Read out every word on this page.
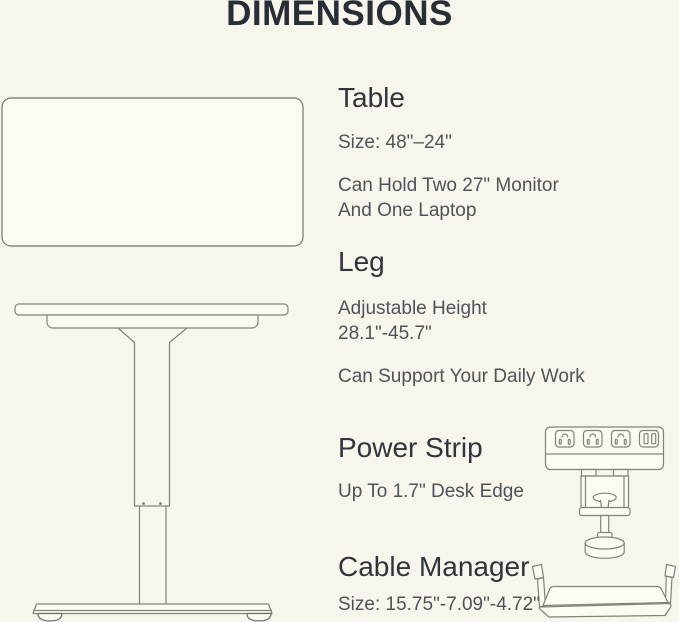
DIMENSIONS
Table
Size: 48"–24"
Can Hold Two 27" Monitor
And One Laptop
Leg
Adjustable Height
28.1"-45.7"
Can Support Your Daily Work
Power Strip
Up To 1.7" Desk Edge
Cable Manager
Size: 15.75"-7.09"-4.72"
